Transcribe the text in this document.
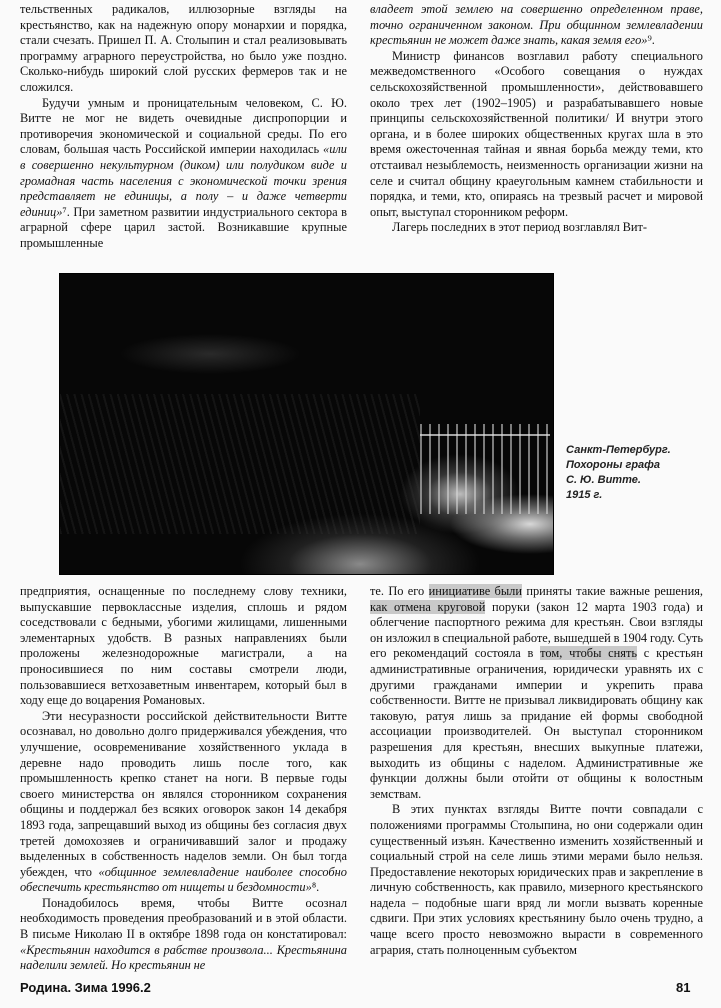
тельственных радикалов, иллюзорные взгляды на крестьянство, как на надежную опору монархии и порядка, стали счезать. Пришел П. А. Столыпин и стал реализовывать программу аграрного переустройства, но было уже поздно. Сколько-нибудь широкий слой русских фермеров так и не сложился.

Будучи умным и проницательным человеком, С. Ю. Витте не мог не видеть очевидные диспропорции и противоречия экономической и социальной среды. По его словам, большая часть Российской империи находилась «или в совершенно некультурном (диком) или полудиком виде и громадная часть населения с экономической точки зрения представляет не единицы, а полу – и даже четверти единиц»⁷. При заметном развитии индустриального сектора в аграрной сфере царил застой. Возникавшие крупные промышленные

владеет этой землею на совершенно определенном праве, точно ограниченном законом. При общинном землевладении крестьянин не может даже знать, какая земля его»⁹.

Министр финансов возглавил работу специального межведомственного «Особого совещания о нуждах сельскохозяйственной промышленности», действовавшего около трех лет (1902–1905) и разрабатывавшего новые принципы сельскохозяйственной политики/ И внутри этого органа, и в более широких общественных кругах шла в это время ожесточенная тайная и явная борьба между теми, кто отстаивал незыблемость, неизменность организации жизни на селе и считал общину краеугольным камнем стабильности и порядка, и теми, кто, опираясь на трезвый расчет и мировой опыт, выступал сторонником реформ.

Лагерь последних в этот период возглавлял Вит-

Санкт-Петербург.
Похороны графа
С. Ю. Витте.
1915 г.

предприятия, оснащенные по последнему слову техники, выпускавшие первоклассные изделия, сплошь и рядом соседствовали с бедными, убогими жилищами, лишенными элементарных удобств. В разных направлениях были проложены железнодорожные магистрали, а на проносившиеся по ним составы смотрели люди, пользовавшиеся ветхозаветным инвентарем, который был в ходу еще до воцарения Романовых.

Эти несуразности российской действительности Витте осознавал, но довольно долго придерживался убеждения, что улучшение, осовременивание хозяйственного уклада в деревне надо проводить лишь после того, как промышленность крепко станет на ноги. В первые годы своего министерства он являлся сторонником сохранения общины и поддержал без всяких оговорок закон 14 декабря 1893 года, запрещавший выход из общины без согласия двух третей домохозяев и ограничивавший залог и продажу выделенных в собственность наделов земли. Он был тогда убежден, что «общинное землевладение наиболее способно обеспечить крестьянство от нищеты и бездомности»⁸.

Понадобилось время, чтобы Витте осознал необходимость проведения преобразований и в этой области. В письме Николаю II в октябре 1898 года он констатировал: «Крестьянин находится в рабстве произвола... Крестьянина наделили землей. Но крестьянин не

те. По его инициативе были приняты такие важные решения, как отмена круговой поруки (закон 12 марта 1903 года) и облегчение паспортного режима для крестьян. Свои взгляды он изложил в специальной работе, вышедшей в 1904 году. Суть его рекомендаций состояла в том, чтобы снять с крестьян административные ограничения, юридически уравнять их с другими гражданами империи и укрепить права собственности. Витте не призывал ликвидировать общину как таковую, ратуя лишь за придание ей формы свободной ассоциации производителей. Он выступал сторонником разрешения для крестьян, внесших выкупные платежи, выходить из общины с наделом. Административные же функции должны были отойти от общины к волостным земствам.

В этих пунктах взгляды Витте почти совпадали с положениями программы Столыпина, но они содержали один существенный изъян. Качественно изменить хозяйственный и социальный строй на селе лишь этими мерами было нельзя. Предоставление некоторых юридических прав и закрепление в личную собственность, как правило, мизерного крестьянского надела – подобные шаги вряд ли могли вызвать коренные сдвиги. При этих условиях крестьянину было очень трудно, а чаще всего просто невозможно вырасти в современного агрария, стать полноценным субъектом

Родина. Зима 1996.2	81
